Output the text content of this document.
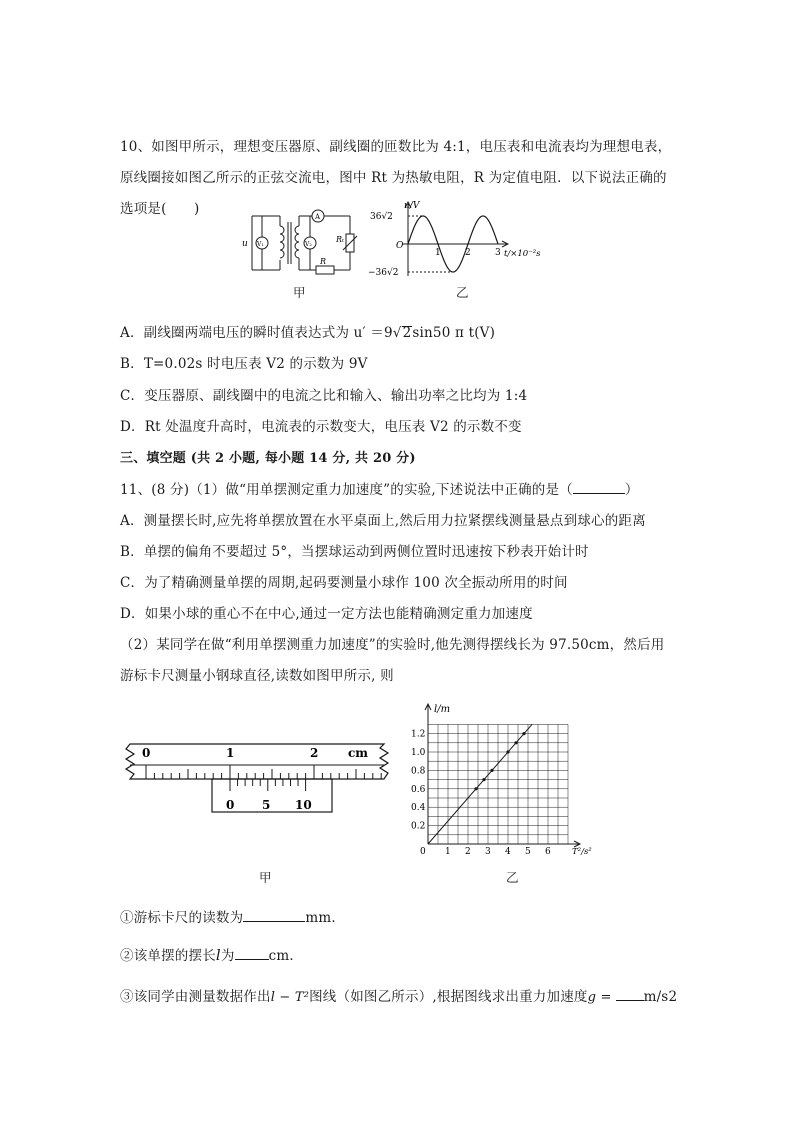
10、如图甲所示，理想变压器原、副线圈的匝数比为 4:1，电压表和电流表均为理想电表，
原线圈接如图乙所示的正弦交流电，图中 Rt 为热敏电阻，R 为定值电阻．以下说法正确的
选项是(　　)
u V₁
A
V₂
Rₜ
R
甲
u/V
36√2
−36√2
O
1	2	3 t/×10⁻²s
乙
A．副线圈两端电压的瞬时值表达式为 u′ ＝9√2sin50 π t(V)
B．T=0.02s 时电压表 V2 的示数为 9V
C．变压器原、副线圈中的电流之比和输入、输出功率之比均为 1:4
D．Rt 处温度升高时，电流表的示数变大，电压表 V2 的示数不变
三、填空题 (共 2 小题, 每小题 14 分, 共 20 分)
11、(8 分)（1）做“用单摆测定重力加速度”的实验,下述说法中正确的是（	）
A．测量摆长时,应先将单摆放置在水平桌面上,然后用力拉紧摆线测量悬点到球心的距离
B．单摆的偏角不要超过 5°，当摆球运动到两侧位置时迅速按下秒表开始计时
C．为了精确测量单摆的周期,起码要测量小球作 100 次全振动所用的时间
D．如果小球的重心不在中心,通过一定方法也能精确测定重力加速度
（2）某同学在做“利用单摆测重力加速度”的实验时,他先测得摆线长为 97.50cm，然后用
游标卡尺测量小钢球直径,读数如图甲所示, 则
0	1	2 cm
0 5 10
甲
0.2
0.4
0.6
0.8
1.0
1.2
1 2 3 4 5 6
l/m
0	T²/s²
乙
①游标卡尺的读数为	mm．
②该单摆的摆长l为	cm．
③该同学由测量数据作出l − T²图线（如图乙所示）,根据图线求出重力加速度g = m/s2
